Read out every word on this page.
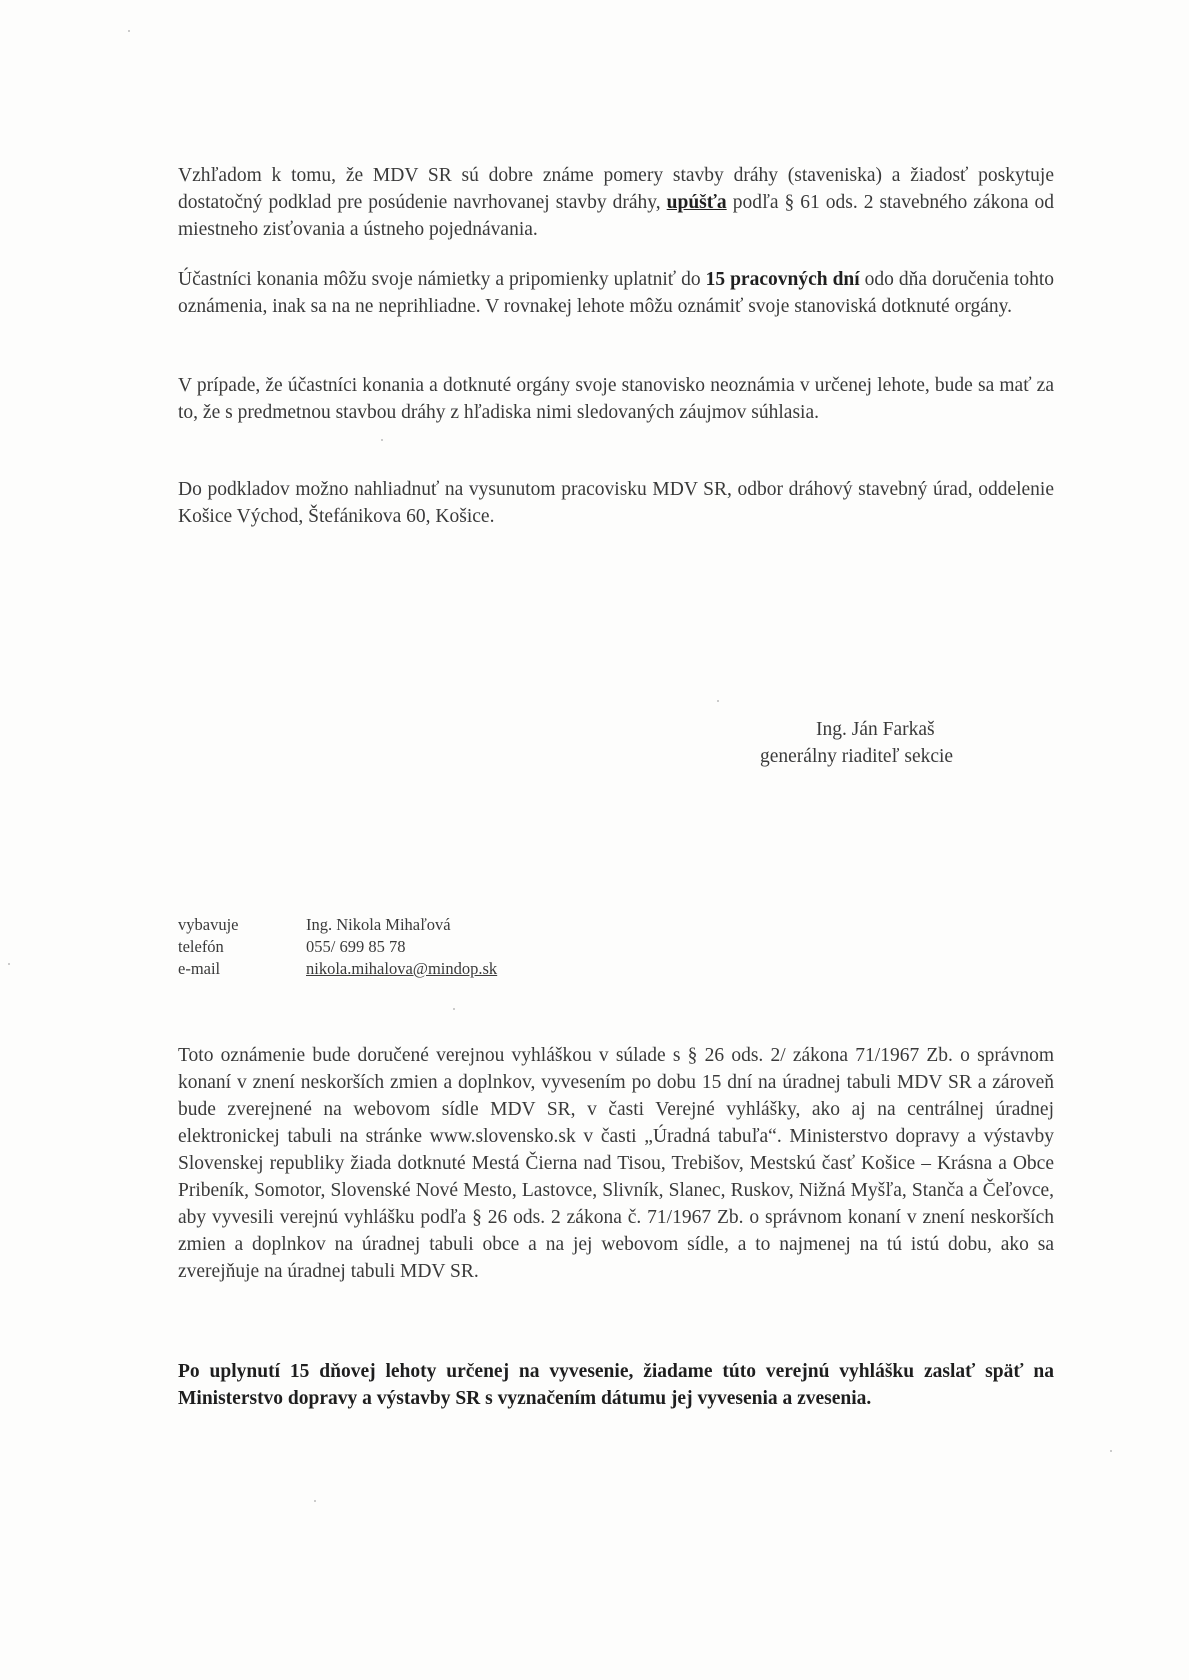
Vzhľadom k tomu, že MDV SR sú dobre známe pomery stavby dráhy (staveniska) a žiadosť poskytuje dostatočný podklad pre posúdenie navrhovanej stavby dráhy, upúšťa podľa § 61 ods. 2 stavebného zákona od miestneho zisťovania a ústneho pojednávania.
Účastníci konania môžu svoje námietky a pripomienky uplatniť do 15 pracovných dní odo dňa doručenia tohto oznámenia, inak sa na ne neprihliadne. V rovnakej lehote môžu oznámiť svoje stanoviská dotknuté orgány.
V prípade, že účastníci konania a dotknuté orgány svoje stanovisko neoznámia v určenej lehote, bude sa mať za to, že s predmetnou stavbou dráhy z hľadiska nimi sledovaných záujmov súhlasia.
Do podkladov možno nahliadnuť na vysunutom pracovisku MDV SR, odbor dráhový stavebný úrad, oddelenie Košice Východ, Štefánikova 60, Košice.
Ing. Ján Farkaš
generálny riaditeľ sekcie
vybavuje	Ing. Nikola Mihaľová
telefón	055/ 699 85 78
e-mail	nikola.mihalova@mindop.sk
Toto oznámenie bude doručené verejnou vyhláškou v súlade s § 26 ods. 2/ zákona 71/1967 Zb. o správnom konaní v znení neskorších zmien a doplnkov, vyvesením po dobu 15 dní na úradnej tabuli MDV SR a zároveň bude zverejnené na webovom sídle MDV SR, v časti Verejné vyhlášky, ako aj na centrálnej úradnej elektronickej tabuli na stránke www.slovensko.sk v časti „Úradná tabuľa“. Ministerstvo dopravy a výstavby Slovenskej republiky žiada dotknuté Mestá Čierna nad Tisou, Trebišov, Mestskú časť Košice – Krásna a Obce Pribeník, Somotor, Slovenské Nové Mesto, Lastovce, Slivník, Slanec, Ruskov, Nižná Myšľa, Stanča a Čeľovce, aby vyvesili verejnú vyhlášku podľa § 26 ods. 2 zákona č. 71/1967 Zb. o správnom konaní v znení neskorších zmien a doplnkov na úradnej tabuli obce a na jej webovom sídle, a to najmenej na tú istú dobu, ako sa zverejňuje na úradnej tabuli MDV SR.
Po uplynutí 15 dňovej lehoty určenej na vyvesenie, žiadame túto verejnú vyhlášku zaslať späť na Ministerstvo dopravy a výstavby SR s vyznačením dátumu jej vyvesenia a zvesenia.
